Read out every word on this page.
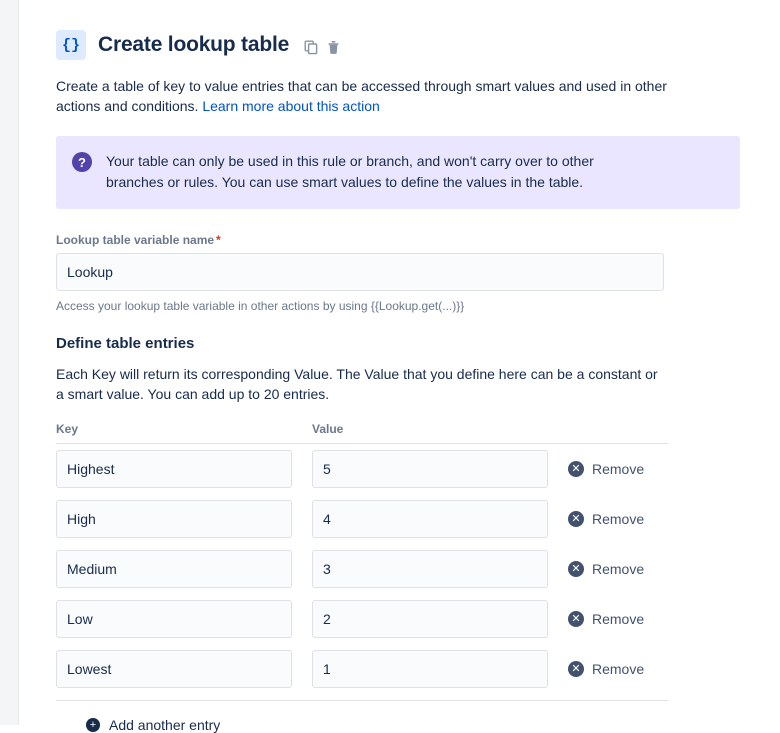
{} Create lookup table
Create a table of key to value entries that can be accessed through smart values and used in other actions and conditions. Learn more about this action
?	Your table can only be used in this rule or branch, and won't carry over to other branches or rules. You can use smart values to define the values in the table.
Lookup table variable name *
Lookup
Access your lookup table variable in other actions by using {{Lookup.get(...)}}
Define table entries
Each Key will return its corresponding Value. The Value that you define here can be a constant or a smart value. You can add up to 20 entries.
Key	Value
Highest
5
✕ Remove
High
4
✕ Remove
Medium
3
✕ Remove
Low
2
✕ Remove
Lowest
1
✕ Remove
+ Add another entry
